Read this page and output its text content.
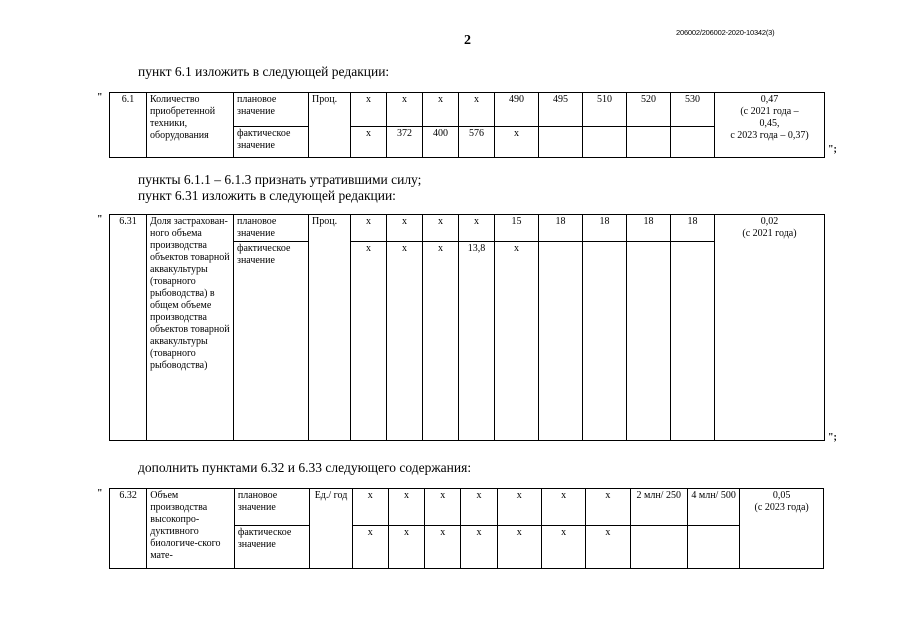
206002/206002-2020-10342(3)
2
пункт 6.1 изложить в следующей редакции:
" 6.1	Количество приобретенной техники, оборудования	плановое значение	Проц.	х	х	х	х	490	495	510	520	530	0,47
(с 2021 года –
0,45,
с 2023 года – 0,37)

		фактическое значение		х	372	400	576	х					
";
пункты 6.1.1 – 6.1.3 признать утратившими силу;
пункт 6.31 изложить в следующей редакции:
" 6.31	Доля застрахован-ного объема производства объектов товарной аквакультуры (товарного рыбоводства) в общем объеме производства объектов товарной аквакультуры (товарного рыбоводства)	плановое значение	Проц.	х	х	х	х	15	18	18	18	18	0,02
(с 2021 года)

		фактическое значение		х	х	х	13,8	х					
";
дополнить пунктами 6.32 и 6.33 следующего содержания:
" 6.32	Объем производства высокопро-дуктивного биологиче-ского мате-	плановое значение	Ед./ год	х	х	х	х	х	х	х	2 млн/ 250	4 млн/ 500	0,05
(с 2023 года)

		фактическое значение		х	х	х	х	х	х	х			
